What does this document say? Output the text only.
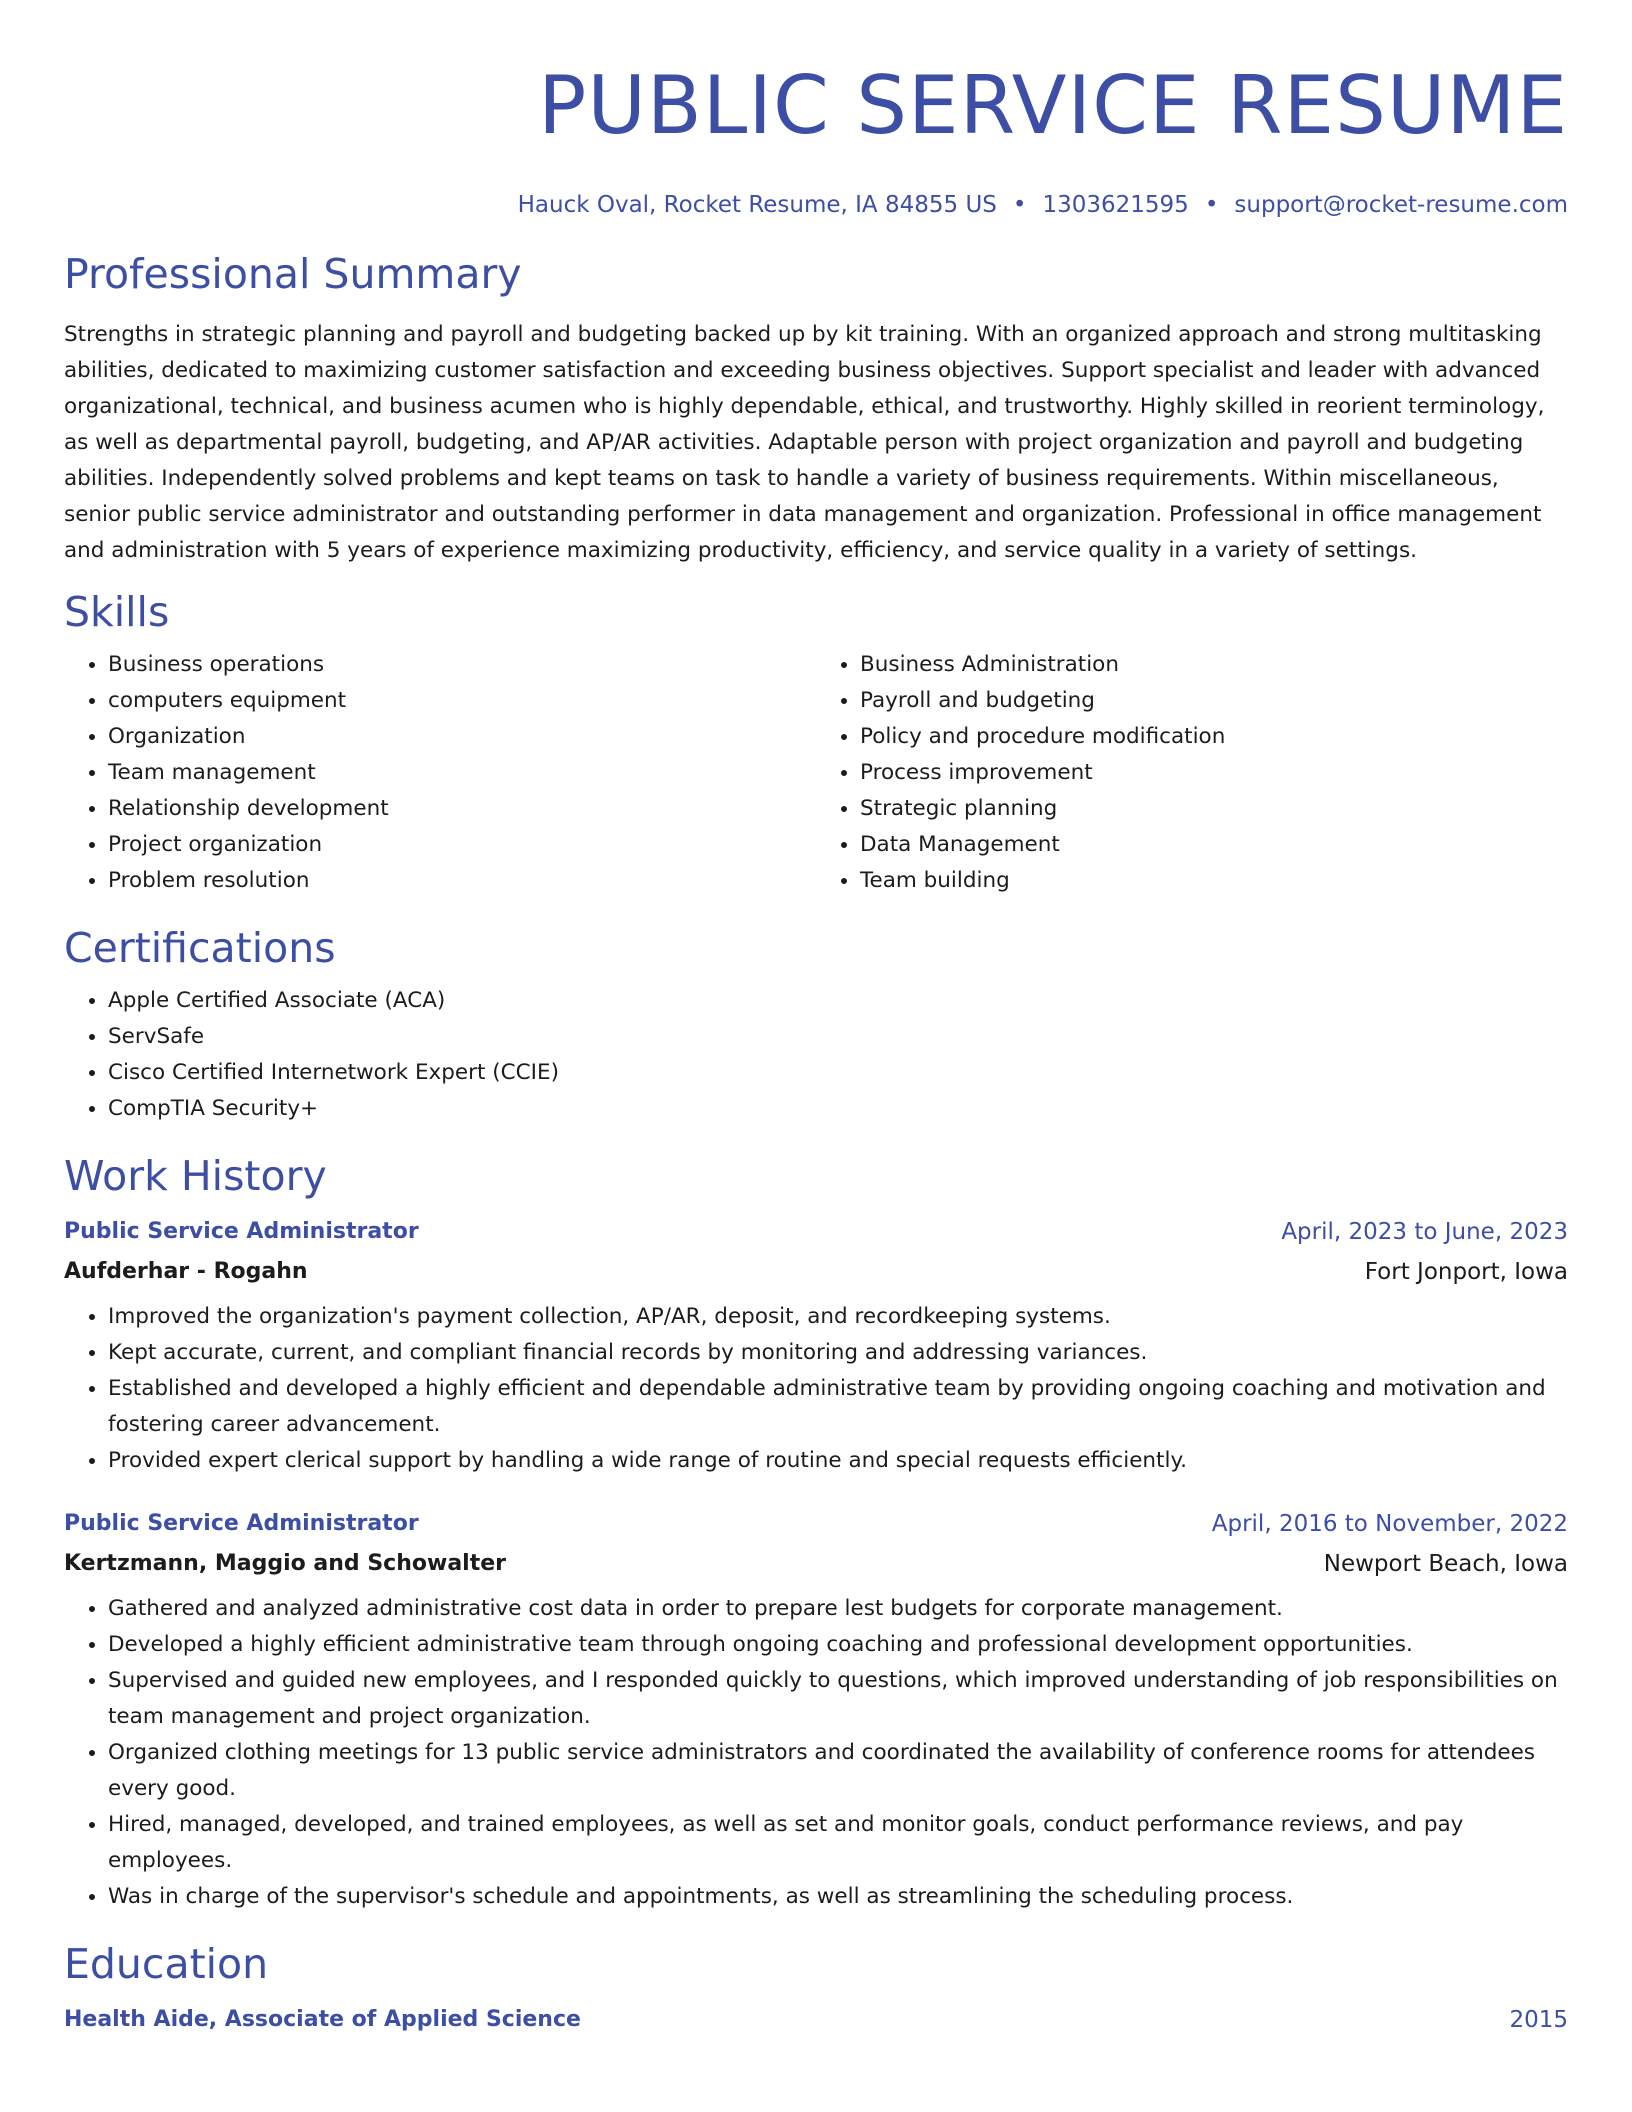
PUBLIC SERVICE RESUME
Hauck Oval, Rocket Resume, IA 84855 US • 1303621595 • support@rocket-resume.com
Professional Summary

Strengths in strategic planning and payroll and budgeting backed up by kit training. With an organized approach and strong multitasking abilities, dedicated to maximizing customer satisfaction and exceeding business objectives. Support specialist and leader with advanced organizational, technical, and business acumen who is highly dependable, ethical, and trustworthy. Highly skilled in reorient terminology, as well as departmental payroll, budgeting, and AP/AR activities. Adaptable person with project organization and payroll and budgeting abilities. Independently solved problems and kept teams on task to handle a variety of business requirements. Within miscellaneous, senior public service administrator and outstanding performer in data management and organization. Professional in office management and administration with 5 years of experience maximizing productivity, efficiency, and service quality in a variety of settings.

Skills
• Business operations
• computers equipment
• Organization
• Team management
• Relationship development
• Project organization
• Problem resolution
• Business Administration
• Payroll and budgeting
• Policy and procedure modification
• Process improvement
• Strategic planning
• Data Management
• Team building
Certifications
• Apple Certified Associate (ACA)
• ServSafe
• Cisco Certified Internetwork Expert (CCIE)
• CompTIA Security+
Work History
Public Service Administrator	April, 2023 to June, 2023
Aufderhar - Rogahn	Fort Jonport, Iowa
• Improved the organization's payment collection, AP/AR, deposit, and recordkeeping systems.
• Kept accurate, current, and compliant financial records by monitoring and addressing variances.
• Established and developed a highly efficient and dependable administrative team by providing ongoing coaching and motivation and fostering career advancement.
• Provided expert clerical support by handling a wide range of routine and special requests efficiently.
Public Service Administrator	April, 2016 to November, 2022
Kertzmann, Maggio and Schowalter	Newport Beach, Iowa
• Gathered and analyzed administrative cost data in order to prepare lest budgets for corporate management.
• Developed a highly efficient administrative team through ongoing coaching and professional development opportunities.
• Supervised and guided new employees, and I responded quickly to questions, which improved understanding of job responsibilities on team management and project organization.
• Organized clothing meetings for 13 public service administrators and coordinated the availability of conference rooms for attendees every good.
• Hired, managed, developed, and trained employees, as well as set and monitor goals, conduct performance reviews, and pay employees.
• Was in charge of the supervisor's schedule and appointments, as well as streamlining the scheduling process.
Education
Health Aide, Associate of Applied Science	2015
